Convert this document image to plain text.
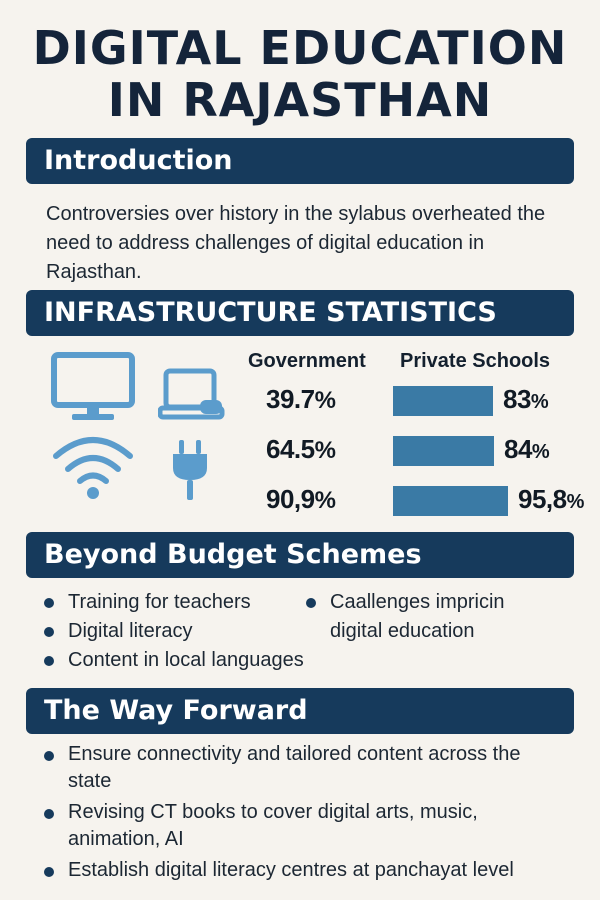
DIGITAL EDUCATION
IN RAJASTHAN
Introduction

Controversies over history in the sylabus overheated the need to address challenges of digital education in Rajasthan.

INFRASTRUCTURE STATISTICS
Government Private Schools
39.7%	83%
64.5%	84%
90,9%	95,8%
Beyond Budget Schemes
Training for teachers
Digital literacy
Content in local languages
Caallenges impricin digital education
The Way Forward
Ensure connectivity and tailored content across the state
Revising CT books to cover digital arts, music, animation, AI
Establish digital literacy centres at panchayat level
